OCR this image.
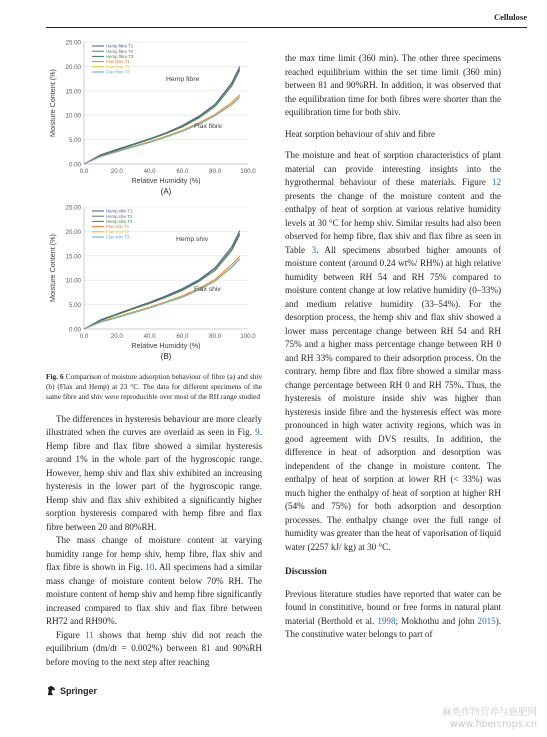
Cellulose
0.00
5.00
10.00
15.00
20.00
25.00
0.0	20.0	40.0	60.0	80.0	100.0
Relative Humidity (%)
Moisture Content (%)
(A)
Hemp fibre T1
Hemp fibre T2
Hemp fibre T3
Flax fibre T1
Flax fibre T2
Flax fibre T3
Hemp fibre
Flax fibre
0.00
5.00
10.00
15.00
20.00
25.00
0.0	20.0	40.0	60.0	80.0	100.0
Relative Humidity (%)
Moisture Content (%)
(B)
Hemp shiv T1
Hemp shiv T2
Hemp shiv T3
Flax shiv T1
Flax shiv T2
Flax shiv T3	Hemp shiv
Flax shiv

Fig. 6 Comparison of moisture adsorption behaviour of fibre (a) and shiv (b) (Flax and Hemp) at 23 °C. The data for different specimens of the same fibre and shiv were reproducible over most of the RH range studied

The differences in hysteresis behaviour are more clearly illustrated when the curves are overlaid as seen in Fig. 9. Hemp fibre and flax fibre showed a similar hysteresis around 1% in the whole part of the hygroscopic range. However, hemp shiv and flax shiv exhibited an increasing hysteresis in the lower part of the hygroscopic range. Hemp shiv and flax shiv exhibited a significantly higher sorption hysteresis compared with hemp fibre and flax fibre between 20 and 80%RH.

The mass change of moisture content at varying humidity range for hemp shiv, hemp fibre, flax shiv and flax fibre is shown in Fig. 10. All specimens had a similar mass change of moisture content below 70% RH. The moisture content of hemp shiv and hemp fibre significantly increased compared to flax shiv and flax fibre between RH72 and RH90%.

Figure 11 shows that hemp shiv did not reach the equilibrium (dm/dt = 0.002%) between 81 and 90%RH before moving to the next step after reaching

the max time limit (360 min). The other three specimens reached equilibrium within the set time limit (360 min) between 81 and 90%RH. In addition, it was observed that the equilibration time for both fibres were shorter than the equilibration time for both shiv.

Heat sorption behaviour of shiv and fibre

The moisture and heat of sorption characteristics of plant material can provide interesting insights into the hygrothermal behaviour of these materials. Figure 12 presents the change of the moisture content and the enthalpy of heat of sorption at various relative humidity levels at 30 °C for hemp shiv. Similar results had also been observed for hemp fibre, flax shiv and flax fibre as seen in Table 3. All specimens absorbed higher amounts of moisture content (around 0.24 wt%/ RH%) at high relative humidity between RH 54 and RH 75% compared to moisture content change at low relative humidity (0–33%) and medium relative humidity (33–54%). For the desorption process, the hemp shiv and flax shiv showed a lower mass percentage change between RH 54 and RH 75% and a higher mass percentage change between RH 0 and RH 33% compared to their adsorption process. On the contrary. hemp fibre and flax fibre showed a similar mass change percentage between RH 0 and RH 75%. Thus, the hysteresis of moisture inside shiv was higher than hysteresis inside fibre and the hysteresis effect was more pronounced in high water activity regions, which was in good agreement with DVS results. In addition, the difference in heat of adsorption and desorption was independent of the change in moisture content. The enthalpy of heat of sorption at lower RH (< 33%) was much higher the enthalpy of heat of sorption at higher RH (54% and 75%) for both adsorption and desorption processes. The enthalpy change over the full range of humidity was greater than the heat of vaporisation of liquid water (2257 kJ/ kg) at 30 °C.

Discussion

Previous literature studies have reported that water can be found in constitutive, bound or free forms in natural plant material (Berthold et al. 1998; Mokhothu and john 2015). The constitutive water belongs to part of

Springer
麻类作物营养与施肥网
www.fibercrops.cn
